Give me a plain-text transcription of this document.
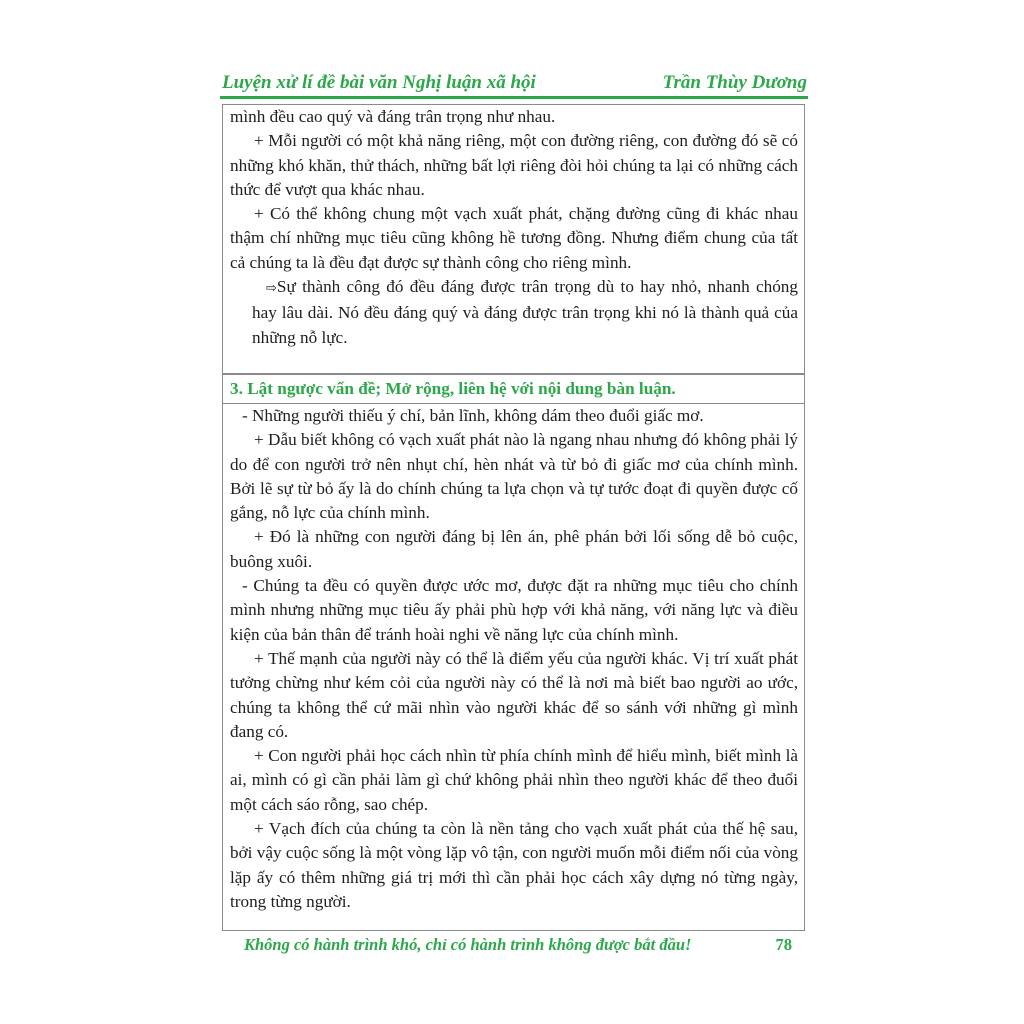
Luyện xử lí đề bài văn Nghị luận xã hội	Trần Thùy Dương

mình đều cao quý và đáng trân trọng như nhau.

+ Mỗi người có một khả năng riêng, một con đường riêng, con đường đó sẽ có những khó khăn, thử thách, những bất lợi riêng đòi hỏi chúng ta lại có những cách thức để vượt qua khác nhau.

+ Có thể không chung một vạch xuất phát, chặng đường cũng đi khác nhau thậm chí những mục tiêu cũng không hề tương đồng. Nhưng điểm chung của tất cả chúng ta là đều đạt được sự thành công cho riêng mình.

⇨Sự thành công đó đều đáng được trân trọng dù to hay nhỏ, nhanh chóng hay lâu dài. Nó đều đáng quý và đáng được trân trọng khi nó là thành quả của những nỗ lực.

3. Lật ngược vấn đề; Mở rộng, liên hệ với nội dung bàn luận.

- Những người thiếu ý chí, bản lĩnh, không dám theo đuổi giấc mơ.

+ Dẫu biết không có vạch xuất phát nào là ngang nhau nhưng đó không phải lý do để con người trở nên nhụt chí, hèn nhát và từ bỏ đi giấc mơ của chính mình. Bởi lẽ sự từ bỏ ấy là do chính chúng ta lựa chọn và tự tước đoạt đi quyền được cố gắng, nỗ lực của chính mình.

+ Đó là những con người đáng bị lên án, phê phán bởi lối sống dễ bỏ cuộc, buông xuôi.

- Chúng ta đều có quyền được ước mơ, được đặt ra những mục tiêu cho chính mình nhưng những mục tiêu ấy phải phù hợp với khả năng, với năng lực và điều kiện của bản thân để tránh hoài nghi về năng lực của chính mình.

+ Thế mạnh của người này có thể là điểm yếu của người khác. Vị trí xuất phát tưởng chừng như kém cỏi của người này có thể là nơi mà biết bao người ao ước, chúng ta không thể cứ mãi nhìn vào người khác để so sánh với những gì mình đang có.

+ Con người phải học cách nhìn từ phía chính mình để hiểu mình, biết mình là ai, mình có gì cần phải làm gì chứ không phải nhìn theo người khác để theo đuổi một cách sáo rỗng, sao chép.

+ Vạch đích của chúng ta còn là nền tảng cho vạch xuất phát của thế hệ sau, bởi vậy cuộc sống là một vòng lặp vô tận, con người muốn mỗi điểm nối của vòng lặp ấy có thêm những giá trị mới thì cần phải học cách xây dựng nó từng ngày, trong từng người.

Không có hành trình khó, chỉ có hành trình không được bắt đầu!	78
